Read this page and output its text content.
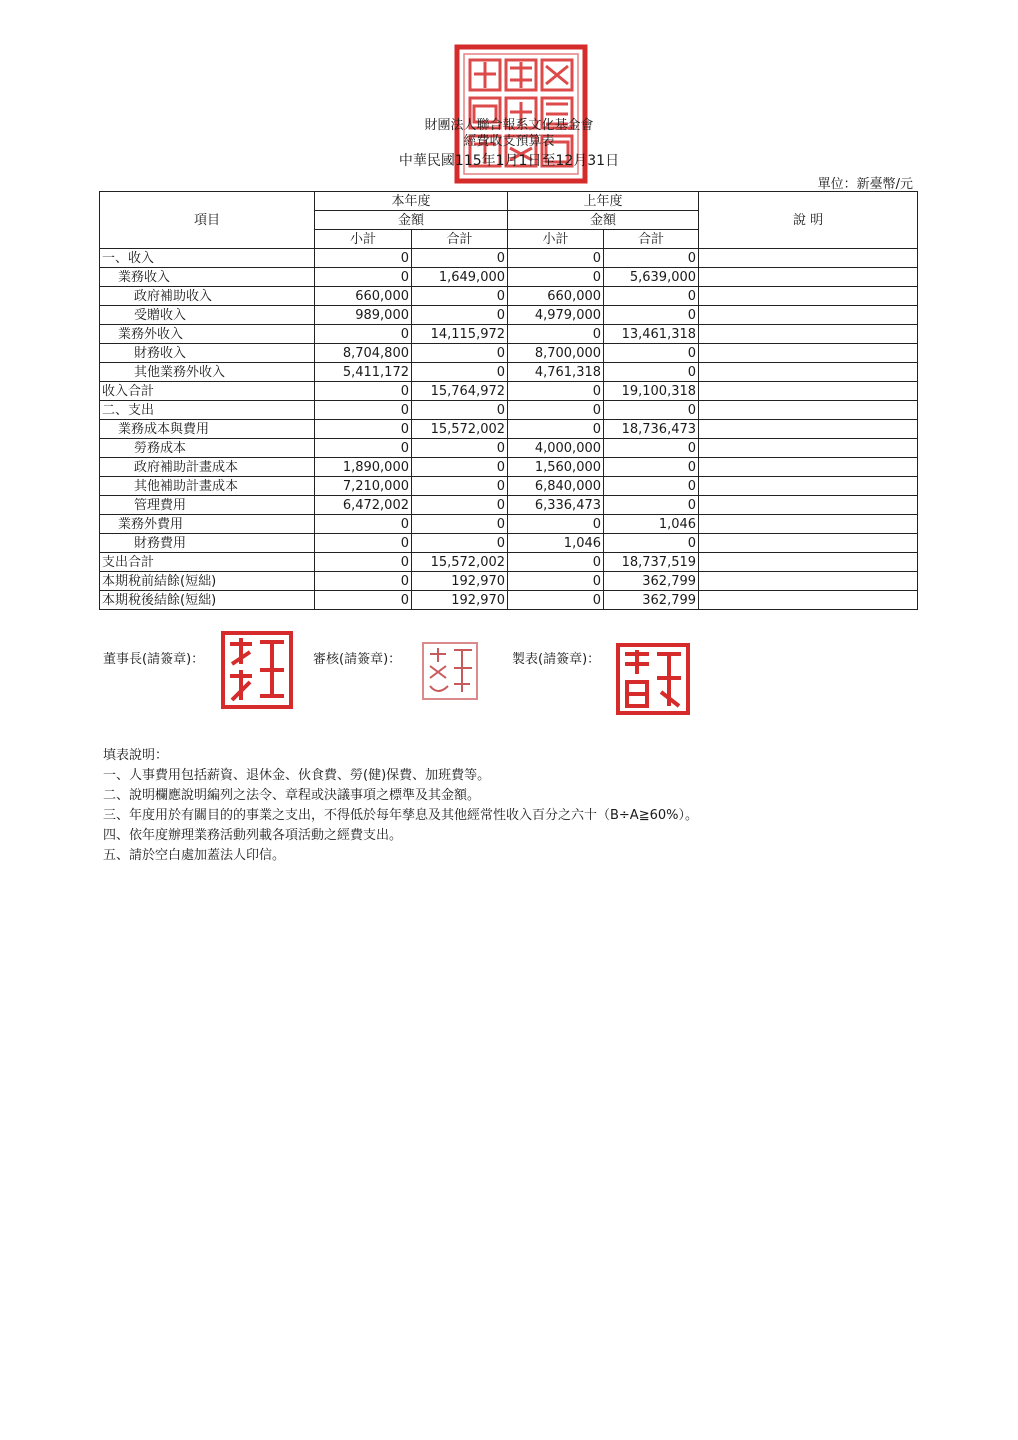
財團法人聯合報系文化基金會
經費收支預算表
中華民國115年1月1日至12月31日
單位：新臺幣/元
項目	本年度		上年度		說 明
	金額		金額		
	小計	合計	小計	合計	
一、收入	0	0	0	0	
業務收入	0	1,649,000	0	5,639,000	
政府補助收入	660,000	0	660,000	0	
受贈收入	989,000	0	4,979,000	0	
業務外收入	0	14,115,972	0	13,461,318	
財務收入	8,704,800	0	8,700,000	0	
其他業務外收入	5,411,172	0	4,761,318	0	
收入合計	0	15,764,972	0	19,100,318	
二、支出	0	0	0	0	
業務成本與費用	0	15,572,002	0	18,736,473	
勞務成本	0	0	4,000,000	0	
政府補助計畫成本	1,890,000	0	1,560,000	0	
其他補助計畫成本	7,210,000	0	6,840,000	0	
管理費用	6,472,002	0	6,336,473	0	
業務外費用	0	0	0	1,046	
財務費用	0	0	1,046	0	
支出合計	0	15,572,002	0	18,737,519	
本期稅前結餘(短絀)	0	192,970	0	362,799	
本期稅後結餘(短絀)	0	192,970	0	362,799	
董事長(請簽章)：	審核(請簽章)：	製表(請簽章)：
填表說明：
一、人事費用包括薪資、退休金、伙食費、勞(健)保費、加班費等。
二、說明欄應說明編列之法令、章程或決議事項之標準及其金額。
三、年度用於有關目的的事業之支出，不得低於每年孳息及其他經常性收入百分之六十（B÷A≧60%）。
四、依年度辦理業務活動列載各項活動之經費支出。
五、請於空白處加蓋法人印信。
